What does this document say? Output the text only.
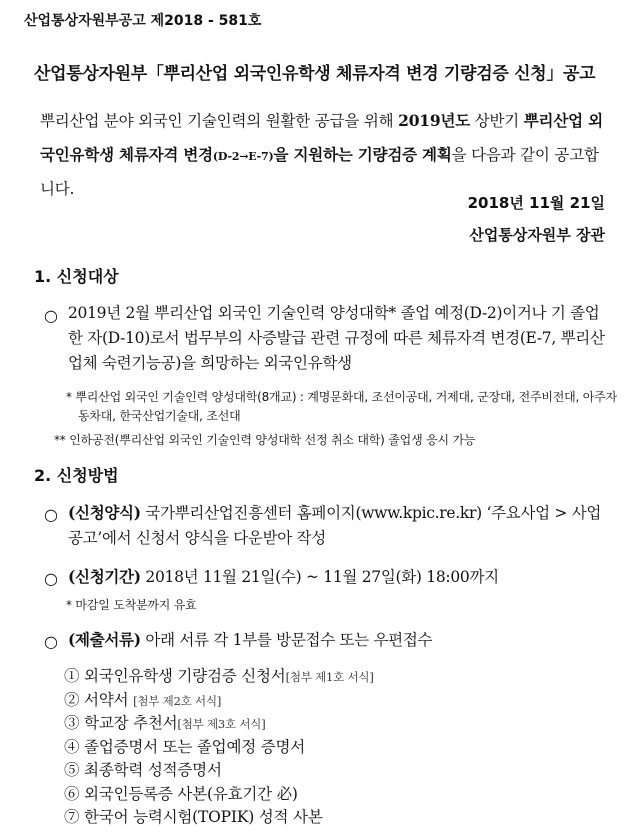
산업통상자원부공고 제2018 - 581호
산업통상자원부「뿌리산업 외국인유학생 체류자격 변경 기량검증 신청」공고
뿌리산업 분야 외국인 기술인력의 원활한 공급을 위해 2019년도 상반기 뿌리산업 외국인유학생 체류자격 변경(D-2→E-7)을 지원하는 기량검증 계획을 다음과 같이 공고합니다.
2018년 11월 21일
산업통상자원부 장관
1. 신청대상
○ 2019년 2월 뿌리산업 외국인 기술인력 양성대학* 졸업 예정(D-2)이거나 기 졸업한 자(D-10)로서 법무부의 사증발급 관련 규정에 따른 체류자격 변경(E-7, 뿌리산업체 숙련기능공)을 희망하는 외국인유학생
* 뿌리산업 외국인 기술인력 양성대학(8개교) : 계명문화대, 조선이공대, 거제대, 군장대, 전주비전대, 아주자동차대, 한국산업기술대, 조선대
** 인하공전(뿌리산업 외국인 기술인력 양성대학 선정 취소 대학) 졸업생 응시 가능
2. 신청방법
○ (신청양식) 국가뿌리산업진흥센터 홈페이지(www.kpic.re.kr) ‘주요사업 > 사업공고’에서 신청서 양식을 다운받아 작성
○ (신청기간) 2018년 11월 21일(수) ~ 11월 27일(화) 18:00까지
* 마감일 도착분까지 유효
○ (제출서류) 아래 서류 각 1부를 방문접수 또는 우편접수
① 외국인유학생 기량검증 신청서[첨부 제1호 서식]
② 서약서 [첨부 제2호 서식]
③ 학교장 추천서[첨부 제3호 서식]
④ 졸업증명서 또는 졸업예정 증명서
⑤ 최종학력 성적증명서
⑥ 외국인등록증 사본(유효기간 必)
⑦ 한국어 능력시험(TOPIK) 성적 사본
